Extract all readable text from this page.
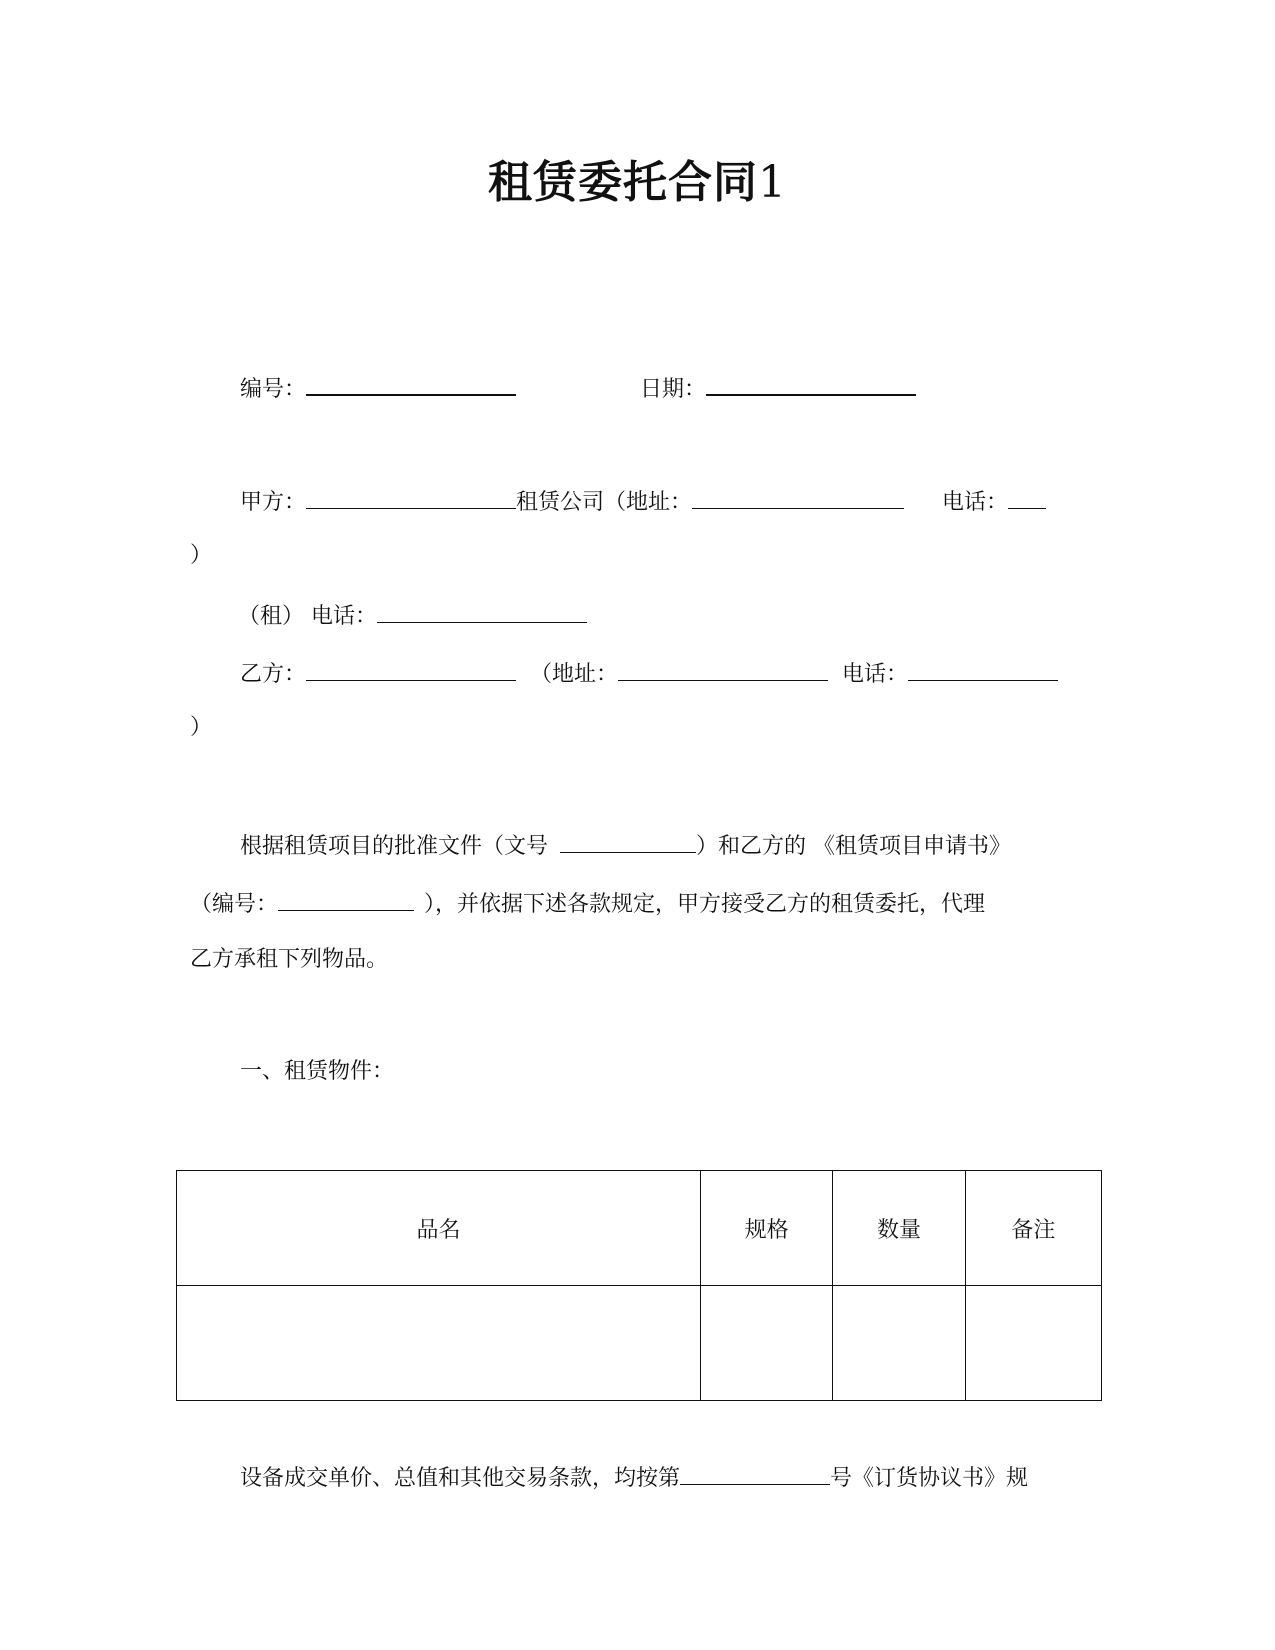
租赁委托合同1
编号：	日期：
甲方：	租赁公司（地址：	电话：
）
（租） 电话：
乙方：	（地址：	电话：
）
根据租赁项目的批准文件（文号	）和乙方的 《租赁项目申请书》
（编号：	），并依据下述各款规定，甲方接受乙方的租赁委托，代理
乙方承租下列物品。
一、租赁物件：
品名	规格	数量	备注

设备成交单价、总值和其他交易条款，均按第	号《订货协议书》规
